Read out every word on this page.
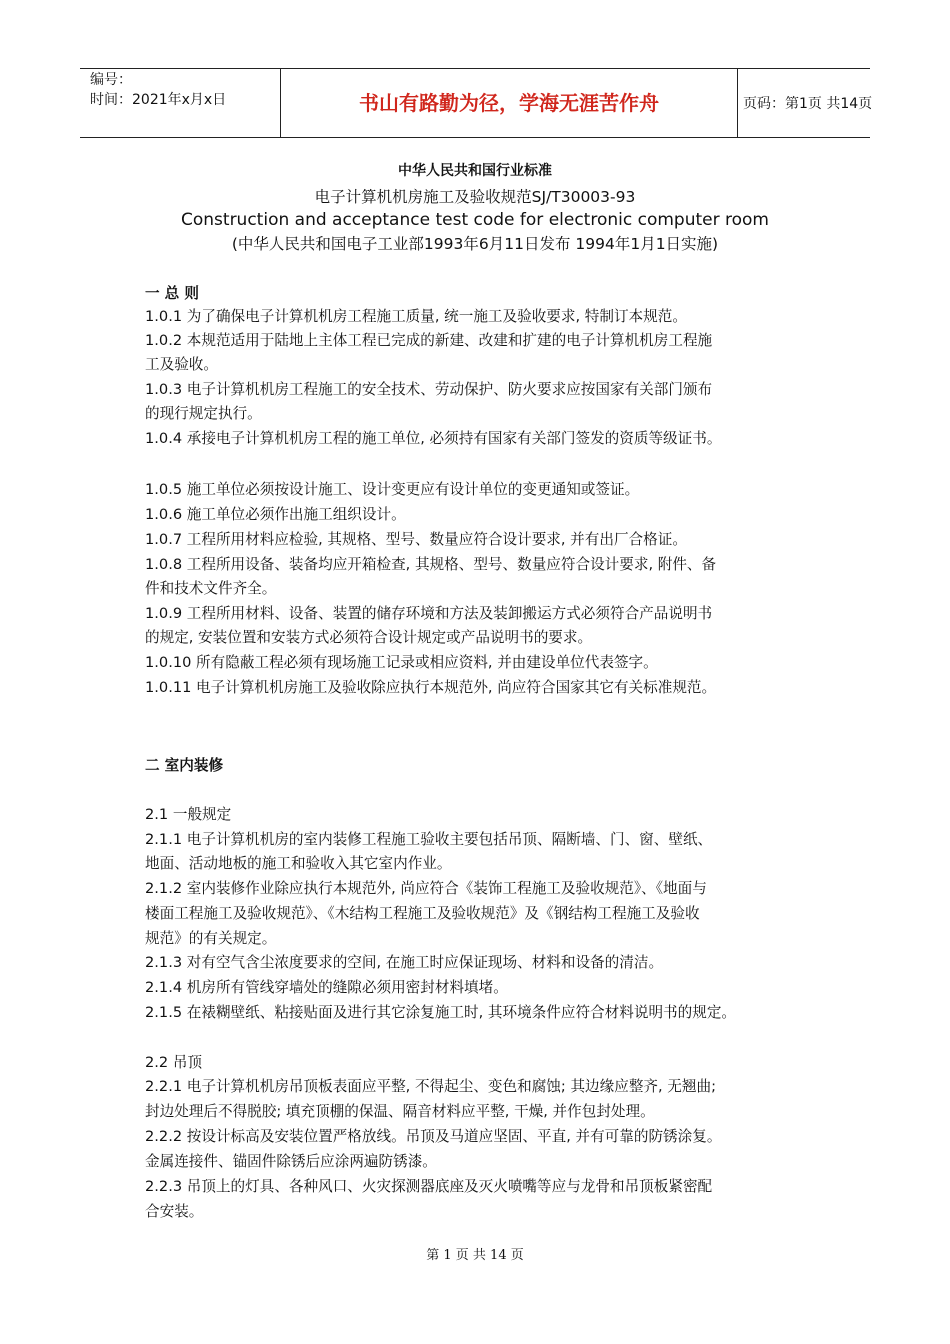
编号：
时间：2021年x月x日	书山有路勤为径，学海无涯苦作舟	页码：第1页 共14页
中华人民共和国行业标准
电子计算机机房施工及验收规范SJ/T30003-93
Construction and acceptance test code for electronic computer room
(中华人民共和国电子工业部1993年6月11日发布 1994年1月1日实施)
一 总 则
1.0.1 为了确保电子计算机机房工程施工质量, 统一施工及验收要求, 特制订本规范。
1.0.2 本规范适用于陆地上主体工程已完成的新建、改建和扩建的电子计算机机房工程施
工及验收。
1.0.3 电子计算机机房工程施工的安全技术、劳动保护、防火要求应按国家有关部门颁布
的现行规定执行。
1.0.4 承接电子计算机机房工程的施工单位, 必须持有国家有关部门签发的资质等级证书。
1.0.5 施工单位必须按设计施工、设计变更应有设计单位的变更通知或签证。
1.0.6 施工单位必须作出施工组织设计。
1.0.7 工程所用材料应检验, 其规格、型号、数量应符合设计要求, 并有出厂合格证。
1.0.8 工程所用设备、装备均应开箱检查, 其规格、型号、数量应符合设计要求, 附件、备
件和技术文件齐全。
1.0.9 工程所用材料、设备、装置的储存环境和方法及装卸搬运方式必须符合产品说明书
的规定, 安装位置和安装方式必须符合设计规定或产品说明书的要求。
1.0.10 所有隐蔽工程必须有现场施工记录或相应资料, 并由建设单位代表签字。
1.0.11 电子计算机机房施工及验收除应执行本规范外, 尚应符合国家其它有关标准规范。
二 室内装修
2.1 一般规定
2.1.1 电子计算机机房的室内装修工程施工验收主要包括吊顶、隔断墙、门、窗、壁纸、
地面、活动地板的施工和验收入其它室内作业。
2.1.2 室内装修作业除应执行本规范外, 尚应符合《装饰工程施工及验收规范》、《地面与
楼面工程施工及验收规范》、《木结构工程施工及验收规范》及《钢结构工程施工及验收
规范》的有关规定。
2.1.3 对有空气含尘浓度要求的空间, 在施工时应保证现场、材料和设备的清洁。
2.1.4 机房所有管线穿墙处的缝隙必须用密封材料填堵。
2.1.5 在裱糊壁纸、粘接贴面及进行其它涂复施工时, 其环境条件应符合材料说明书的规定。
2.2 吊顶
2.2.1 电子计算机机房吊顶板表面应平整, 不得起尘、变色和腐蚀; 其边缘应整齐, 无翘曲;
封边处理后不得脱胶; 填充顶棚的保温、隔音材料应平整, 干燥, 并作包封处理。
2.2.2 按设计标高及安装位置严格放线。吊顶及马道应坚固、平直, 并有可靠的防锈涂复。
金属连接件、锚固件除锈后应涂两遍防锈漆。
2.2.3 吊顶上的灯具、各种风口、火灾探测器底座及灭火喷嘴等应与龙骨和吊顶板紧密配
合安装。
第 1 页 共 14 页
